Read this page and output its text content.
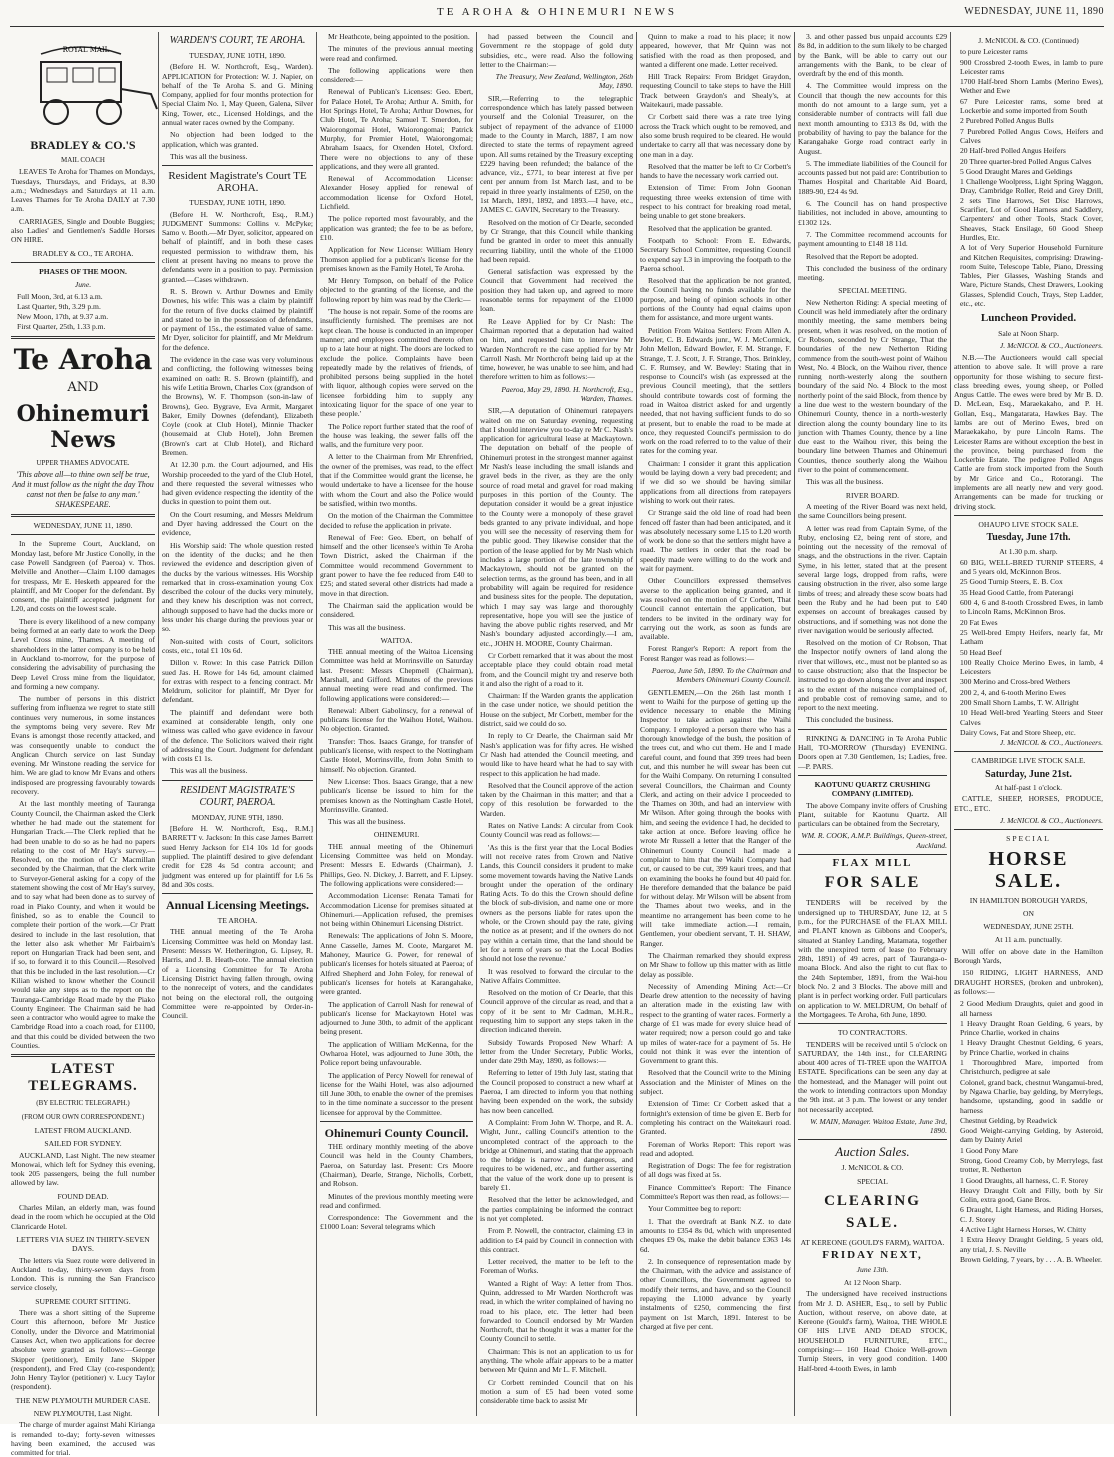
TE AROHA & OHINEMURI NEWS	WEDNESDAY, JUNE 11, 1890
ROYAL MAIL
BRADLEY & CO.'S
MAIL COACH

LEAVES Te Aroha for Thames on Mondays, Tuesdays, Thursdays, and Fridays, at 8.30 a.m.; Wednesdays and Saturdays at 11 a.m. Leaves Thames for Te Aroha DAILY at 7.30 a.m.

CARRIAGES, Single and Double Buggies; also Ladies' and Gentlemen's Saddle Horses ON HIRE.

BRADLEY & CO., TE AROHA.
PHASES OF THE MOON.
June.
Full Moon, 3rd, at 6.13 a.m.
Last Quarter, 9th, 3.29 p.m.
New Moon, 17th, at 9.37 a.m.
First Quarter, 25th, 1.33 p.m.
Te Aroha
AND
Ohinemuri News
UPPER THAMES ADVOCATE.
'This above all—to thine own self be true, And it must follow as the night the day Thou canst not then be false to any man.' SHAKESPEARE.
WEDNESDAY, JUNE 11, 1890.

In the Supreme Court, Auckland, on Monday last, before Mr Justice Conolly, in the case Powell Sandgreen (of Paeroa) v. Thos. Melville and Another—Claim L100 damages for trespass, Mr E. Hesketh appeared for the plaintiff, and Mr Cooper for the defendant. By consent, the plaintiff accepted judgment for L20, and costs on the lowest scale.

There is every likelihood of a new company being formed at an early date to work the Deep Level Cross mine, Thames. A meeting of shareholders in the latter company is to be held in Auckland to-morrow, for the purpose of considering the advisability of purchasing the Deep Level Cross mine from the liquidator, and forming a new company.

The number of persons in this district suffering from influenza we regret to state still continues very numerous, in some instances the symptoms being very severe. Rev Mr Evans is amongst those recently attacked, and was consequently unable to conduct the Anglican Church service on last Sunday evening. Mr Winstone reading the service for him. We are glad to know Mr Evans and others indisposed are progressing favourably towards recovery.

At the last monthly meeting of Tauranga County Council, the Chairman asked the Clerk whether he had made out the statement for Hungarian Track.—The Clerk replied that he had been unable to do so as he had no papers relating to the cost of Mr Hay's survey.—Resolved, on the motion of Cr Macmillan seconded by the Chairman, that the clerk write to Surveyor-General asking for a copy of the statement showing the cost of Mr Hay's survey, and to say what had been done as to survey of road in Piako County, and when it would be finished, so as to enable the Council to complete their portion of the work.—Cr Pratt desired to include in the last resolution, that the letter also ask whether Mr Fairbairn's report on Hungarian Track had been sent, and if so, to forward it to this Council.—Resolved that this be included in the last resolution.—Cr Kilian wished to know whether the Council would take any steps as to the report on the Tauranga-Cambridge Road made by the Piako County Engineer. The Chairman said he had seen a contractor who would agree to make the Cambridge Road into a coach road, for £1100, and that this could be divided between the two Counties.

LATEST TELEGRAMS.
(BY ELECTRIC TELEGRAPH.)
(FROM OUR OWN CORRESPONDENT.)
LATEST FROM AUCKLAND.
SAILED FOR SYDNEY.

AUCKLAND, Last Night. The new steamer Monowai, which left for Sydney this evening, took 205 passengers, being the full number allowed by law.

FOUND DEAD.

Charles Milan, an elderly man, was found dead in the room which he occupied at the Old Clanricarde Hotel.

LETTERS VIA SUEZ IN THIRTY-SEVEN DAYS.

The letters via Suez route were delivered in Auckland to-day, thirty-seven days from London. This is running the San Francisco service closely,

SUPREME COURT SITTING.

There was a short sitting of the Supreme Court this afternoon, before Mr Justice Conolly, under the Divorce and Matrimonial Causes Act, when two applications for decree absolute were granted as follows:—George Skipper (petitioner), Emily Jane Skipper (respondent), and Fred Clay (co-respondent); John Henry Taylor (petitioner) v. Lucy Taylor (respondent).

THE NEW PLYMOUTH MURDER CASE.
NEW PLYMOUTH, Last Night.

The charge of murder against Mahi Kirianga is remanded to-day; forty-seven witnesses having been examined, the accused was committed for trial.

WARDEN'S COURT, TE AROHA.
TUESDAY, JUNE 10TH, 1890.

(Before H. W. Northcroft, Esq., Warden). APPLICATION for Protection: W. J. Napier, on behalf of the Te Aroha S. and G. Mining Company, applied for four months protection for Special Claim No. 1, May Queen, Galena, Silver King, Tower, etc., Licensed Holdings, and the annual water races owned by the Company.

No objection had been lodged to the application, which was granted.

This was all the business.

Resident Magistrate's Court TE AROHA.
TUESDAY, JUNE 10TH, 1890.

(Before H. W. Northcroft, Esq., R.M.) JUDGMENT Summons: Collins v. McPyke; Samo v. Booth.—Mr Dyer, solicitor, appeared on behalf of plaintiff, and in both these cases requested permission to withdraw them, his client at present having no means to prove the defendants were in a position to pay. Permission granted.—Cases withdrawn.

R. S. Brown v. Arthur Downes and Emily Downes, his wife: This was a claim by plaintiff for the return of five ducks claimed by plaintiff and stated to be in the possession of defendants, or payment of 15s., the estimated value of same. Mr Dyer, solicitor for plaintiff, and Mr Meldrum for the defence.

The evidence in the case was very voluminous and conflicting, the following witnesses being examined on oath: R. S. Brown (plaintiff), and his wife Letitia Brown, Charles Cox (grandson of the Browns), W. F. Thompson (son-in-law of Browns), Geo. Bygrave, Eva Armit, Margaret Baker, Emily Downes (defendant), Elizabeth Coyle (cook at Club Hotel), Minnie Thacker (housemaid at Club Hotel), John Bremen (Brown's cart at Club Hotel), and Richard Bremen.

At 12.30 p.m. the Court adjourned, and His Worship proceeded to the yard of the Club Hotel, and there requested the several witnesses who had given evidence respecting the identity of the ducks in question to point them out.

On the Court resuming, and Messrs Meldrum and Dyer having addressed the Court on the evidence,

His Worship said: The whole question rested on the identity of the ducks; and he then reviewed the evidence and description given of the ducks by the various witnesses. His Worship remarked that in cross-examination young Cox described the colour of the ducks very minutely, and they knew his description was not correct, although supposed to have had the ducks more or less under his charge during the previous year or so.

Non-suited with costs of Court, solicitors costs, etc., total £1 10s 6d.

Dillon v. Rowe: In this case Patrick Dillon sued Jas. H. Rowe for 14s 6d, amount claimed for extras with respect to a fencing contract. Mr Meldrum, solicitor for plaintiff, Mr Dyer for defendant.

The plaintiff and defendant were both examined at considerable length, only one witness was called who gave evidence in favour of the defence. The Solicitors waived their right of addressing the Court. Judgment for defendant with costs £1 1s.

This was all the business.

RESIDENT MAGISTRATE'S COURT, PAEROA.
MONDAY, JUNE 9TH, 1890.

[Before H. W. Northcroft, Esq., R.M.] BARRETT v. Jackson: In this case James Barrett sued Henry Jackson for £14 10s 1d for goods supplied. The plaintiff desired to give defendant credit for £28 4s 5d contra account; and judgment was entered up for plaintiff for L6 5s 8d and 30s costs.

Annual Licensing Meetings.
TE AROHA.

THE annual meeting of the Te Aroha Licensing Committee was held on Monday last. Present: Messrs W. Hetherington, G. Lipsey, R. Harris, and J. B. Heath-cote. The annual election of a Licensing Committee for Te Aroha Licensing District having fallen through, owing to the nonreceipt of voters, and the candidates not being on the electoral roll, the outgoing Committee were re-appointed by Order-in-Council.

Mr Heathcote, being appointed to the position.

The minutes of the previous annual meeting were read and confirmed.

The following applications were then considered:—

Renewal of Publican's Licenses: Geo. Ebert, for Palace Hotel, Te Aroha; Arthur A. Smith, for Hot Springs Hotel, Te Aroha; Arthur Downes, for Club Hotel, Te Aroha; Samuel T. Smerdon, for Waiorongomai Hotel, Waiorongomai; Patrick Murphy, for Premier Hotel, Waiorongomai; Abraham Isaacs, for Oxenden Hotel, Oxford. There were no objections to any of these applications, and they were all granted.

Renewal of Accommodation License: Alexander Hosey applied for renewal of accommodation license for Oxford Hotel, Lichfield.

The police reported most favourably, and the application was granted; the fee to be as before, £10.

Application for New License: William Henry Thomson applied for a publican's license for the premises known as the Family Hotel, Te Aroha.

Mr Henry Tompson, on behalf of the Police objected to the granting of the license, and the following report by him was read by the Clerk:—

'The house is not repair. Some of the rooms are insufficiently furnished. The premises are not kept clean. The house is conducted in an improper manner; and employees committed thereto often up to a late hour at night. The doors are locked to exclude the police. Complaints have been repeatedly made by the relatives of friends, of prohibited persons being supplied in the hotel with liquor, although copies were served on the licensee forbidding him to supply any intoxicating liquor for the space of one year to these people.'

The Police report further stated that the roof of the house was leaking, the sewer falls off the walls, and the furniture very poor.

A letter to the Chairman from Mr Ehrenfried, the owner of the premises, was read, to the effect that if the Committee would grant the license, he would undertake to have a licensee for the house with whom the Court and also the Police would be satisfied, within two months.

On the motion of the Chairman the Committee decided to refuse the application in private.

Renewal of Fee: Geo. Ebert, on behalf of himself and the other licensee's within Te Aroha Town District, asked the Chairman if the Committee would recommend Government to grant power to have the fee reduced from £40 to £25; and stated several other districts had made a move in that direction.

The Chairman said the application would be considered.

This was all the business.

WAITOA.

THE annual meeting of the Waitoa Licensing Committee was held at Morrinsville on Saturday last. Present: Messrs Chepmell (Chairman), Marshall, and Gifford. Minutes of the previous annual meeting were read and confirmed. The following applications were considered:—

Renewal: Albert Gabolinscy, for a renewal of publicans license for the Waihou Hotel, Waihou. No objection. Granted.

Transfer: Thos. Isaacs Grange, for transfer of publican's license, with respect to the Nottingham Castle Hotel, Morrinsville, from John Smith to himself. No objection. Granted.

New License: Thos. Isaacs Grange, that a new publican's license be issued to him for the premises known as the Nottingham Castle Hotel, Morrinsville. Granted.

This was all the business.

OHINEMURI.

THE annual meeting of the Ohinemuri Licensing Committee was held on Monday. Present: Messrs E. Edwards (Chairman), J. Phillips, Geo. N. Dickey, J. Barrett, and F. Lipsey. The following applications were considered:—

Accommodation License: Renata Tamati for Accommodation License for premises situated at Ohinemuri.—Application refused, the premises not being within Ohinemuri Licensing District.

Renewals: The applications of John S. Moore, Anne Casselle, James M. Coote, Margaret M. Mahoney, Maurice G. Power, for renewal of publican's licenses for hotels situated at Paeroa; of Alfred Shepherd and John Foley, for renewal of publican's licenses for hotels at Karangahake, were granted.

The application of Carroll Nash for renewal of publican's license for Mackaytown Hotel was adjourned to June 30th, to admit of the applicant being present.

The application of William McKenna, for the Owharoa Hotel, was adjourned to June 30th, the Police report being unfavourable.

The application of Percy Nowell for renewal of license for the Waihi Hotel, was also adjourned till June 30th, to enable the owner of the premises to in the time nominate a successor to the present licensee for approval by the Committee.

Ohinemuri County Council.

THE ordinary monthly meeting of the above Council was held in the County Chambers, Paeroa, on Saturday last. Present: Crs Moore (Chairman), Dearle, Strange, Nicholls, Corbett, and Robson.

Minutes of the previous monthly meeting were read and confirmed.

Correspondence: The Government and the £1000 Loan: Several telegrams which

had passed between the Council and Government re the stoppage of gold duty subsidies, etc., were read. Also the following letter to the Chairman:—

The Treasury, New Zealand, Wellington, 26th May, 1890.

SIR,—Referring to the telegraphic correspondence which has lately passed between yourself and the Colonial Treasurer, on the subject of repayment of the advance of £1000 made to the County in March, 1887, I am now directed to state the terms of repayment agreed upon. All sums retained by the Treasury excepting £229 having been refunded; the balance of the advance, viz., £771, to bear interest at five per cent per annum from 1st March last, and to be repaid in three yearly instalments of £250, on the 1st March, 1891, 1892, and 1893.—I have, etc., JAMES C. GAVIN, Secretary to the Treasury.

Resolved on the motion of Cr Dearle, seconded by Cr Strange, that this Council while thanking fund be granted in order to meet this annually recurring liability, until the whole of the £1000 had been repaid.

General satisfaction was expressed by the Council that Government had received the position they had taken up, and agreed to more reasonable terms for repayment of the £1000 loan.

Re Leave Applied for by Cr Nash: The Chairman reported that a deputation had waited on him, and requested him to interview Mr Warden Northcroft re the case applied for by Mr Carroll Nash. Mr Northcroft being laid up at the time, however, he was unable to see him, and had therefore written to him as follows:—

Paeroa, May 29, 1890. H. Northcroft, Esq., Warden, Thames.

SIR,—A deputation of Ohinemuri ratepayers waited on me on Saturday evening, requesting that I should interview you to-day re Mr C. Nash's application for agricultural lease at Mackaytown. The deputation on behalf of the people of Ohinemuri protest in the strongest manner against Mr Nash's lease including the small islands and gravel beds in the river, as they are the only source of road metal and gravel for road making purposes in this portion of the County. The deputation consider it would be a great injustice to the County were a monopoly of these gravel beds granted to any private individual, and hope you will see the necessity of reserving them for the public good. They likewise consider that the portion of the lease applied for by Mr Nash which includes a large portion of the late township of Mackaytown, should not be granted on the selection terms, as the ground has been, and in all probability will again be required for residence and business sites for the people. The deputation, which I may say was large and thoroughly representative, hope you will see the justice of having the above public rights reserved, and Mr Nash's boundary adjusted accordingly.—I am, etc., JOHN H. MOORE, County Chairman.

Cr Corbett remarked that it was about the most acceptable place they could obtain road metal from, and the Council might try and reserve both it and also the right of a road to it.

Chairman: If the Warden grants the application in the case under notice, we should petition the House on the subject, Mr Corbett, member for the district, said we could do so.

In reply to Cr Dearle, the Chairman said Mr Nash's application was for fifty acres. He wished Cr Nash had attended the Council meeting, and would like to have heard what he had to say with respect to this application he had made.

Resolved that the Council approve of the action taken by the Chairman in this matter; and that a copy of this resolution be forwarded to the Warden.

Rates on Native Lands: A circular from Cook County Council was read as follows:—

'As this is the first year that the Local Bodies will not receive rates from Crown and Native Lands, this Council considers it prudent to make some movement towards having the Native Lands brought under the operation of the ordinary Rating Acts. To do this the Crown should define the block of sub-division, and name one or more owners as the persons liable for rates upon the whole, or the Crown should pay the rate, giving the notice as at present; and if the owners do not pay within a certain time, that the land should be let for a term of years so that the Local Bodies should not lose the revenue.'

It was resolved to forward the circular to the Native Affairs Committee.

Resolved on the motion of Cr Dearle, that this Council approve of the circular as read, and that a copy of it be sent to Mr Cadman, M.H.R., requesting him to support any steps taken in the direction indicated therein.

Subsidy Towards Proposed New Wharf: A letter from the Under Secretary, Public Works, under date 29th May, 1890, as follows:—

Referring to letter of 19th July last, stating that the Council proposed to construct a new wharf at Paeroa, I am directed to inform you that nothing having been expended on the work, the subsidy has now been cancelled.

A Complaint: From John W. Thorpe, and R. A. Wight, Junr., calling Council's attention to the uncompleted contract of the approach to the bridge at Ohinemuri, and stating that the approach to the bridge is narrow and dangerous, and requires to be widened, etc., and further asserting that the value of the work done up to present is barely £1.

Resolved that the letter be acknowledged, and the parties complaining be informed the contract is not yet completed.

From P. Nowell, the contractor, claiming £3 in addition to £4 paid by Council in connection with this contract.

Letter received, the matter to be left to the Foreman of Works.

Wanted a Right of Way: A letter from Thos. Quinn, addressed to Mr Warden Northcroft was read, in which the writer complained of having no road to his place, etc. The letter had been forwarded to Council endorsed by Mr Warden Northcroft, that he thought it was a matter for the County Council to settle.

Chairman: This is not an application to us for anything. The whole affair appears to be a matter between Mr Quinn and Mr L. F. Mitchell.

Cr Corbett reminded Council that on his motion a sum of £5 had been voted some considerable time back to assist Mr

Quinn to make a road to his place; it now appeared, however, that Mr Quinn was not satisfied with the road as then proposed, and wanted a different one made. Letter received.

Hill Track Repairs: From Bridget Graydon, requesting Council to take steps to have the Hill Track between Graydon's and Shealy's, at Waitekauri, made passable.

Cr Corbett said there was a rate tree lying across the Track which ought to be removed, and also some brush required to be cleared. He would undertake to carry all that was necessary done by one man in a day.

Resolved that the matter be left to Cr Corbett's hands to have the necessary work carried out.

Extension of Time: From John Goonan requesting three weeks extension of time with respect to his contract for breaking road metal, being unable to get stone breakers.

Resolved that the application be granted.

Footpath to School: From E. Edwards, Secretary School Committee, requesting Council to expend say L3 in improving the footpath to the Paeroa school.

Resolved that the application be not granted, the Council having no funds available for the purpose, and being of opinion schools in other portions of the County had equal claims upon them for assistance, and more urgent wants.

Petition From Waitoa Settlers: From Allen A. Bowler, C. B. Edwards junr., W. J. McCormick, John Mellon, Edward Bowler, F. M. Strange, F. Strange, T. J. Scott, J. F. Strange, Thos. Brinkley, C. F. Rumsey, and W. Bewley: Stating that in response to Council's wish (as expressed at the previous Council meeting), that the settlers should contribute towards cost of forming the road in Waitoa district asked for and urgently needed, that not having sufficient funds to do so at present, but to enable the road to be made at once, they requested Council's permission to do work on the road referred to to the value of their rates for the coming year.

Chairman: I consider it grant this application would be laying down a very bad precedent; and if we did so we should be having similar applications from all directions from ratepayers wishing to work out their rates.

Cr Strange said the old line of road had been fenced off faster than had been anticipated, and it was absolutely necessary some L15 to L20 worth of work be done so that the settlers might have a road. The settlers in order that the road be speedily made were willing to do the work and wait for payment.

Other Councillors expressed themselves averse to the application being granted, and it was resolved on the motion of Cr Corbett, That Council cannot entertain the application, but tenders to be invited in the ordinary way for carrying out the work, as soon as funds are available.

Forest Ranger's Report: A report from the Forest Ranger was read as follows:—

Paeroa, June 5th, 1890. To the Chairman and Members Ohinemuri County Council.

GENTLEMEN,—On the 26th last month I went to Waihi for the purpose of getting up the evidence necessary to enable the Mining Inspector to take action against the Waihi Company. I employed a person there who has a thorough knowledge of the bush, the position of the trees cut, and who cut them. He and I made careful count, and found that 399 trees had been cut, and this number he will swear has been cut for the Waihi Company. On returning I consulted several Councillors, the Chairman and County Clerk, and acting on their advice I proceeded to the Thames on 30th, and had an interview with Mr Wilson. After going through the books with him, and seeing the evidence I had, he decided to take action at once. Before leaving office he wrote Mr Russell a letter that the Ranger of the Ohinemuri County Council had made a complaint to him that the Waihi Company had cut, or caused to be cut, 399 kauri trees, and that on examining the books he found but 40 paid for. He therefore demanded that the balance be paid for without delay. Mr Wilson will be absent from the Thames about two weeks, and in the meantime no arrangement has been come to he will take immediate action.—I remain, Gentlemen, your obedient servant, T. H. SHAW, Ranger.

The Chairman remarked they should express on Mr Shaw to follow up this matter with as little delay as possible.

Necessity of Amending Mining Act:—Cr Dearle drew attention to the necessity of having an alteration made in the existing law with respect to the granting of water races. Formerly a charge of £1 was made for every sluice head of water required; now a person could go and take up miles of water-race for a payment of 5s. He could not think it was ever the intention of Government to grant this.

Resolved that the Council write to the Mining Association and the Minister of Mines on the subject.

Extension of Time: Cr Corbett asked that a fortnight's extension of time be given E. Berb for completing his contract on the Waitekauri road. Granted.

Foreman of Works Report: This report was read and adopted.

Registration of Dogs: The fee for registration of all dogs was fixed at 5s.

Finance Committee's Report: The Finance Committee's Report was then read, as follows:—

Your Committee beg to report:

1. That the overdraft at Bank N.Z. to date amounts to £354 8s 0d, which with unpresented cheques £9 0s, make the debit balance £363 14s 6d.

2. In consequence of representation made by the Chairman, with the advice and assistance of other Councillors, the Government agreed to modify their terms, and have, and so the Council repaying the L1000 advance by yearly instalments of £250, commencing the first payment on 1st March, 1891. Interest to be charged at five per cent.

3. and other passed bus unpaid accounts £29 8s 8d, in addition to the sum likely to be charged by the Bank, will be able to carry out our arrangements with the Bank, to be clear of overdraft by the end of this month.

4. The Committee would impress on the Council that though the new accounts for this month do not amount to a large sum, yet a considerable number of contracts will fall due next month amounting to £313 8s 0d, with the probability of having to pay the balance for the Karangahake Gorge road contract early in August.

5. The immediate liabilities of the Council for accounts passed but not paid are: Contribution to Thames Hospital and Charitable Aid Board, 1889-90, £24 4s 9d.

6. The Council has on hand prospective liabilities, not included in above, amounting to £1302 12s.

7. The Committee recommend accounts for payment amounting to £148 18 11d.

Resolved that the Report be adopted.

This concluded the business of the ordinary meeting.

SPECIAL MEETING.

New Netherton Riding: A special meeting of Council was held immediately after the ordinary monthly meeting, the same members being present, when it was resolved, on the motion of Cr Robson, seconded by Cr Strange, That the boundaries of the new Netherton Riding commence from the south-west point of Waihou West, No. 4 Block, on the Waihou river, thence running north-westerly along the southern boundary of the said No. 4 Block to the most northerly point of the said Block, from thence by a line due west to the western boundary of the Ohinemuri County, thence in a north-westerly direction along the county boundary line to its junction with Thames County, thence by a line due east to the Waihou river, this being the boundary line between Thames and Ohinemuri Counties, thence southerly along the Waihou river to the point of commencement.

This was all the business.

RIVER BOARD.

A meeting of the River Board was next held, the same Councillors being present.

A letter was read from Captain Syme, of the Ruby, enclosing £2, being rent of store, and pointing out the necessity of the removal of snags, and the obstructions in the river. Captain Syme, in his letter, stated that at the present several large logs, dropped from rafts, were causing obstruction in the river, also some large limbs of trees; and already these scow boats had been the Ruby and he had been put to £40 expenses on account of breakages caused by obstructions, and if something was not done the river navigation would be seriously affected.

Resolved on the motion of Cr Robson, That the Inspector notify owners of land along the river that willows, etc., must not be planted so as to cause obstruction; also that the Inspector be instructed to go down along the river and inspect as to the extent of the nuisance complained of, and probable cost of removing same, and to report to the next meeting.

This concluded the business.

RINKING & DANCING in Te Aroha Public Hall, TO-MORROW (Thursday) EVENING. Doors open at 7.30 Gentlemen, 1s; Ladies, free.—P. PARS.

KAOTUNU QUARTZ CRUSHING COMPANY (LIMITED).

The above Company invite offers of Crushing Plant, suitable for Kaotunu Quartz. All particulars can be obtained from the Secretary,

WM. R. COOK, A.M.P. Buildings, Queen-street, Auckland.

FLAX MILL
FOR SALE

TENDERS will be received by the undersigned up to THURSDAY, June 12, at 5 p.m., for the PURCHASE of the FLAX MILL and PLANT known as Gibbons and Cooper's, situated at Stanley Landing, Matamata, together with the unexpired term of lease (to February 28th, 1891) of 49 acres, part of Tauranga-o-moana Block. And also the right to cut flax to the 24th September, 1891, from the Wai-hou block No. 2 and 3 Blocks. The above mill and plant is in perfect working order. Full particulars on application to W. MELDRUM, On behalf of the Mortgagees. Te Aroha, 6th June, 1890.

TO CONTRACTORS.

TENDERS will be received until 5 o'clock on SATURDAY, the 14th inst., for CLEARING about 400 acres of TI-TREE upon the WAITOA ESTATE. Specifications can be seen any day at the homestead, and the Manager will point out the work to intending contractors upon Monday the 9th inst. at 3 p.m. The lowest or any tender not necessarily accepted.

W. MAIN, Manager. Waitoa Estate, June 3rd, 1890.

Auction Sales.
J. McNICOL & CO.
SPECIAL
CLEARING SALE.
AT KEREONE (GOULD'S FARM), WAITOA.
FRIDAY NEXT,
June 13th.
At 12 Noon Sharp.

The undersigned have received instructions from Mr J. D. ASHER, Esq., to sell by Public Auction, without reserve, on above date, at Kereone (Gould's farm), Waitoa, THE WHOLE OF HIS LIVE AND DEAD STOCK, HOUSEHOLD FURNITURE, ETC., comprising:— 160 Head Choice Well-grown Turnip Steers, in very good condition. 1400 Half-bred 4-tooth Ewes, in lamb

J. McNICOL & CO. (Continued)
to pure Leicester rams
900 Crossbred 2-tooth Ewes, in lamb to pure Leicester rams
1700 Half-bred Shorn Lambs (Merino Ewes), Wether and Ewe
67 Pure Leicester rams, some bred at Lockerbie and some imported from South
2 Purebred Polled Angus Bulls
7 Purebred Polled Angus Cows, Heifers and Calves
20 Half-bred Polled Angus Heifers
20 Three quarter-bred Polled Angus Calves
5 Good Draught Mares and Geldings
1 Challenge Woolpress, Light Spring Waggon, Dray, Cambridge Roller, Reid and Grey Drill, 2 sets Tine Harrows, Set Disc Harrows, Scarifier, Lot of Good Harness and Saddlery, Carpenters' and other Tools, Stack Cover, Sheaves, Stack Ensilage, 60 Good Sheep Hurdles, Etc.
A lot of Very Superior Household Furniture and Kitchen Requisites, comprising: Drawing-room Suite, Telescope Table, Piano, Dressing Tables, Pier Glasses, Washing Stands and Ware, Picture Stands, Chest Drawers, Looking Glasses, Splendid Couch, Trays, Step Ladder, etc., etc.
Luncheon Provided.
Sale at Noon Sharp.

J. McNICOL & CO., Auctioneers.

N.B.—The Auctioneers would call special attention to above sale. It will prove a rare opportunity for those wishing to secure first-class breeding ewes, young sheep, or Polled Angus Cattle. The ewes were bred by Mr B. D. D. McLean, Esq., Maraekakaho, and P. H. Gollan, Esq., Mangatarata, Hawkes Bay. The lambs are out of Merino Ewes, bred on Maraekakaho, by pure Lincoln Rams. The Leicester Rams are without exception the best in the province, being purchased from the Lockerbie Estate. The pedigree Polled Angus Cattle are from stock imported from the South by Mr Grice and Co., Rotorangi. The implements are all nearly new and very good. Arrangements can be made for trucking or driving stock.

OHAUPO LIVE STOCK SALE.
Tuesday, June 17th.
At 1.30 p.m. sharp.
60 BIG, WELL-BRED TURNIP STEERS, 4 and 5 years old, McKinnon Bros.
25 Good Turnip Steers, E. B. Cox
35 Head Good Cattle, from Paterangi
600 4, 6 and 8-tooth Crossbred Ewes, in lamb to Lincoln Rams, McKinnon Bros.
20 Fat Ewes
25 Well-bred Empty Heifers, nearly fat, Mr Latham
50 Head Beef
100 Really Choice Merino Ewes, in lamb, 4 Leicesters
300 Merino and Cross-bred Wethers
200 2, 4, and 6-tooth Merino Ewes
200 Small Shorn Lambs, T. W. Allright
10 Head Well-bred Yearling Steers and Steer Calves
Dairy Cows, Fat and Store Sheep, etc.

J. McNICOL & CO., Auctioneers.

CAMBRIDGE LIVE STOCK SALE.
Saturday, June 21st.
At half-past 1 o'clock.

CATTLE, SHEEP, HORSES, PRODUCE, ETC., ETC.

J. McNICOL & CO., Auctioneers.

SPECIAL
HORSE SALE.
IN HAMILTON BOROUGH YARDS,
ON
WEDNESDAY, JUNE 25TH.
At 11 a.m. punctually.

Will offer on above date in the Hamilton Borough Yards,

150 RIDING, LIGHT HARNESS, AND DRAUGHT HORSES, (broken and unbroken), as follows:—

2 Good Medium Draughts, quiet and good in all harness
1 Heavy Draught Roan Gelding, 6 years, by Prince Charlie, worked in chains
1 Heavy Draught Chestnut Gelding, 6 years, by Prince Charlie, worked in chains
1 Thoroughbred Mare, imported from Christchurch, pedigree at sale
Colonel, grand back, chestnut Wangamui-bred, by Ngawa Charlie, bay gelding, by Merrylegs, handsome, upstanding, good in saddle or harness
Chestnut Gelding, by Readwick
Good Weight-carrying Gelding, by Asteroid, dam by Dainty Ariel
1 Good Pony Mare
Strong, Good Creamy Cob, by Merrylegs, fast trotter, R. Netherton
1 Good Draughts, all harness, C. F. Storey
Heavy Draught Colt and Filly, both by Sir Colin, extra good, Gane Bros.
6 Draught, Light Harness, and Riding Horses, C. J. Storey
4 Active Light Harness Horses, W. Chitty
1 Extra Heavy Draught Gelding, 5 years old, any trial, J. S. Neville
Brown Gelding, 7 years, by . . . A. B. Wheeler.
